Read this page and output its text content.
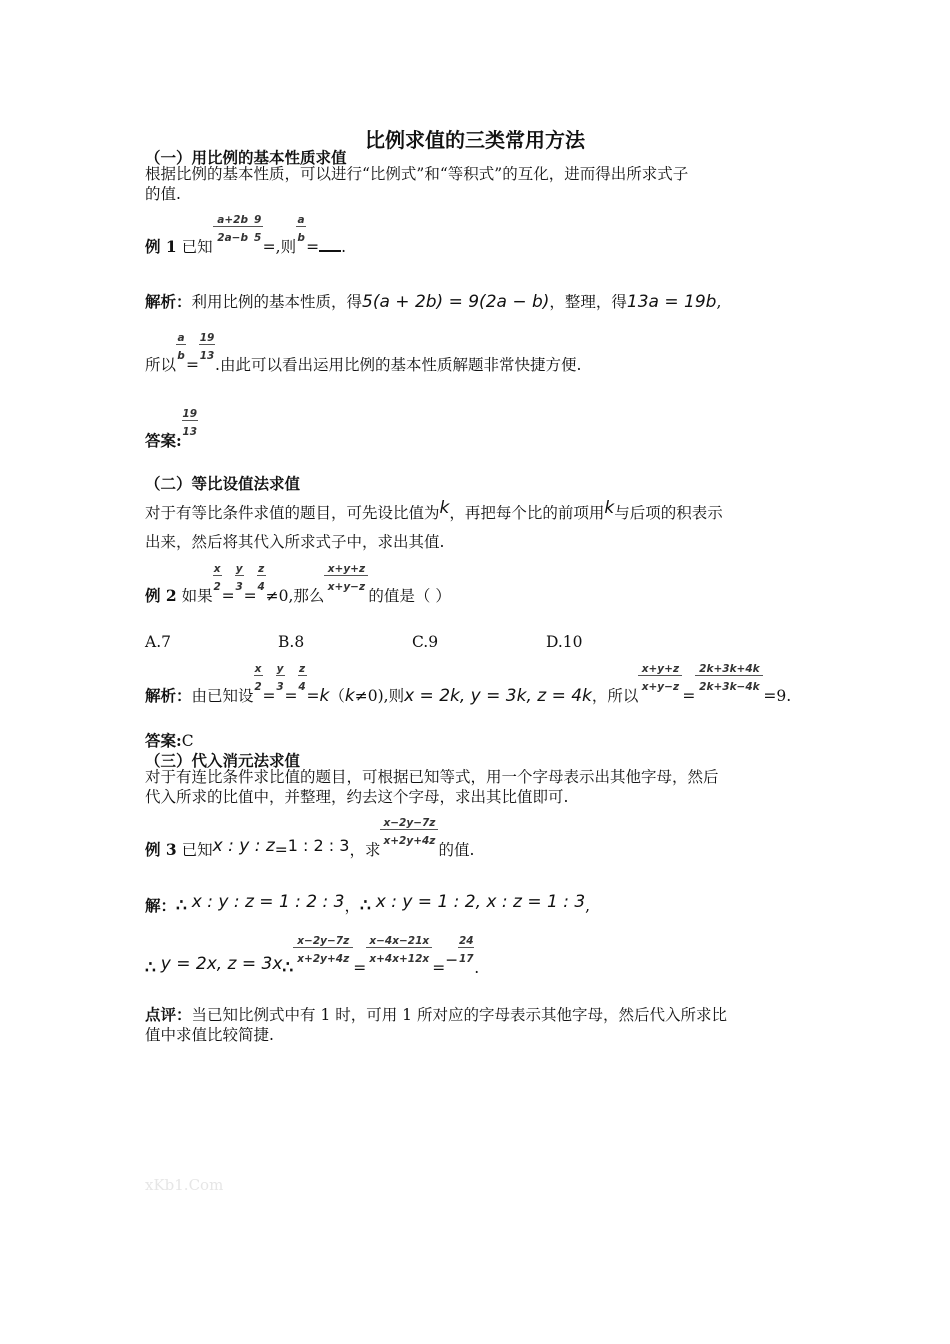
比例求值的三类常用方法
（一）用比例的基本性质求值
根据比例的基本性质，可以进行“比例式”和“等积式”的互化，进而得出所求式子
的值.
例 1 已知 $\frac{a+2b}{2a-b} \frac{9}{5}$ =,则 $\frac{a}{b}$ = .
解析：利用比例的基本性质，得5(a + 2b) = 9(2a − b)，整理，得13a = 19b,
所以 $\frac{a}{b} = \frac{19}{13}$ .由此可以看出运用比例的基本性质解题非常快捷方便.
答案: $\frac{19}{13}$
（二）等比设值法求值
对于有等比条件求值的题目，可先设比值为k，再把每个比的前项用k与后项的积表示
出来，然后将其代入所求式子中，求出其值.
例 2 如果 $\frac{x}{2} = \frac{y}{3} = \frac{z}{4} \ne 0$,那么 $\frac{x+y+z}{x+y-z}$ 的值是（ ）
A.7	B.8	C.9	D.10
解析：由已知设 $\frac{x}{2} = \frac{y}{3} = \frac{z}{4} =k(k\ne 0)$,则x = 2k, y = 3k, z = 4k，所以 $\frac{x+y+z}{x+y-z} = \frac{2k+3k+4k}{2k+3k-4k} =9$.
答案:C
（三）代入消元法求值
对于有连比条件求比值的题目，可根据已知等式，用一个字母表示出其他字母，然后
代入所求的比值中，并整理，约去这个字母，求出其比值即可.
例 3 已知x : y : z=1 : 2 : 3，求 $\frac{x-2y-7z}{x+2y+4z}$ 的值.
解：∴ x : y : z = 1 : 2 : 3，∴ x : y = 1 : 2, x : z = 1 : 3,
∴ y = 2x, z = 3x∴ $\frac{x-2y-7z}{x+2y+4z} = \frac{x-4x-21x}{x+4x+12x} =- \frac{24}{17}$ .
点评：当已知比例式中有 1 时，可用 1 所对应的字母表示其他字母，然后代入所求比
值中求值比较简捷.
xKb1.Com
